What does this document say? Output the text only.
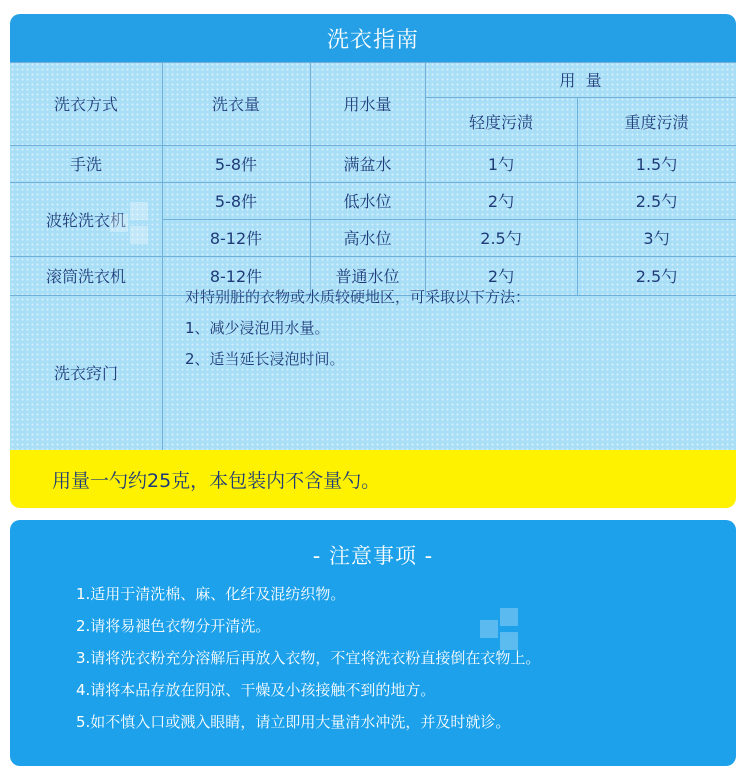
洗衣指南
洗衣方式	洗衣量	用水量
用  量
轻度污渍	重度污渍
手洗	5-8件	满盆水	1勺	1.5勺
波轮洗衣机
5-8件	低水位	2勺	2.5勺
8-12件	高水位	2.5勺	3勺
滚筒洗衣机	8-12件	普通水位	2勺	2.5勺
洗衣窍门
对特别脏的衣物或水质较硬地区，可采取以下方法：
1、减少浸泡用水量。
2、适当延长浸泡时间。
用量一勺约25克，本包装内不含量勺。
- 注意事项 -
1.适用于清洗棉、麻、化纤及混纺织物。
2.请将易褪色衣物分开清洗。
3.请将洗衣粉充分溶解后再放入衣物，不宜将洗衣粉直接倒在衣物上。
4.请将本品存放在阴凉、干燥及小孩接触不到的地方。
5.如不慎入口或溅入眼睛，请立即用大量清水冲洗，并及时就诊。
